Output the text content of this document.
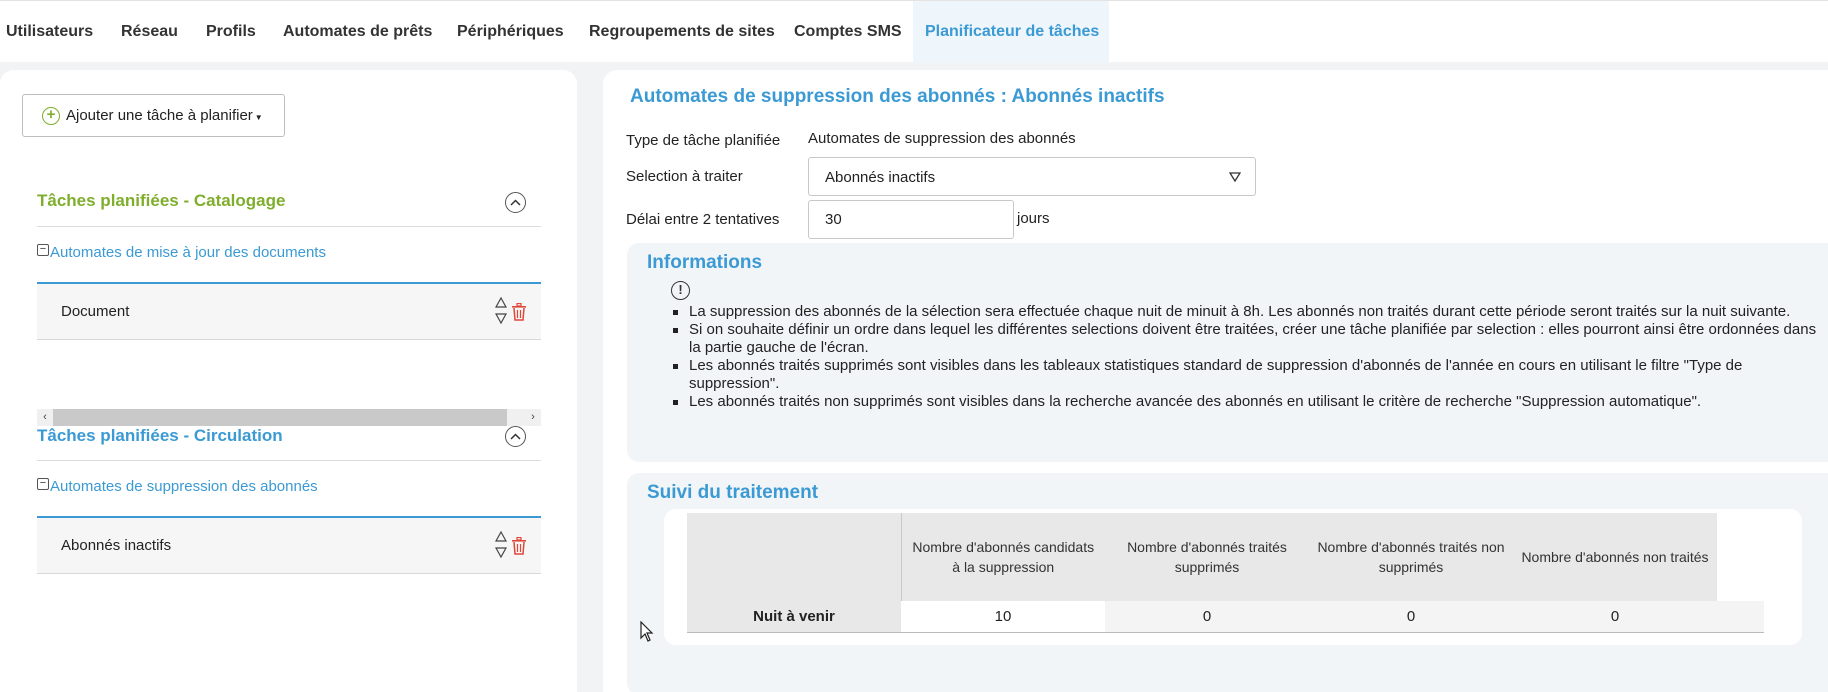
Utilisateurs Réseau Profils Automates de prêts Périphériques Regroupements de sites Comptes SMS	Planificateur de tâches
+ Ajouter une tâche à planifier ▼
Tâches planifiées - Catalogage
− Automates de mise à jour des documents
Document
‹	›
Tâches planifiées - Circulation
− Automates de suppression des abonnés
Abonnés inactifs
Automates de suppression des abonnés : Abonnés inactifs
Type de tâche planifiée Automates de suppression des abonnés
Selection à traiter	Abonnés inactifs
Délai entre 2 tentatives
30	jours
Informations
!
La suppression des abonnés de la sélection sera effectuée chaque nuit de minuit à 8h. Les abonnés non traités durant cette période seront traités sur la nuit suivante.
Si on souhaite définir un ordre dans lequel les différentes selections doivent être traitées, créer une tâche planifiée par selection : elles pourront ainsi être ordonnées dans la partie gauche de l'écran.
Les abonnés traités supprimés sont visibles dans les tableaux statistiques standard de suppression d'abonnés de l'année en cours en utilisant le filtre "Type de suppression".
Les abonnés traités non supprimés sont visibles dans la recherche avancée des abonnés en utilisant le critère de recherche "Suppression automatique".
Suivi du traitement
	Nombre d'abonnés candidats à la suppression	Nombre d'abonnés traités supprimés	Nombre d'abonnés traités non supprimés	Nombre d'abonnés non traités	
Nuit à venir	10	0	0	0	
